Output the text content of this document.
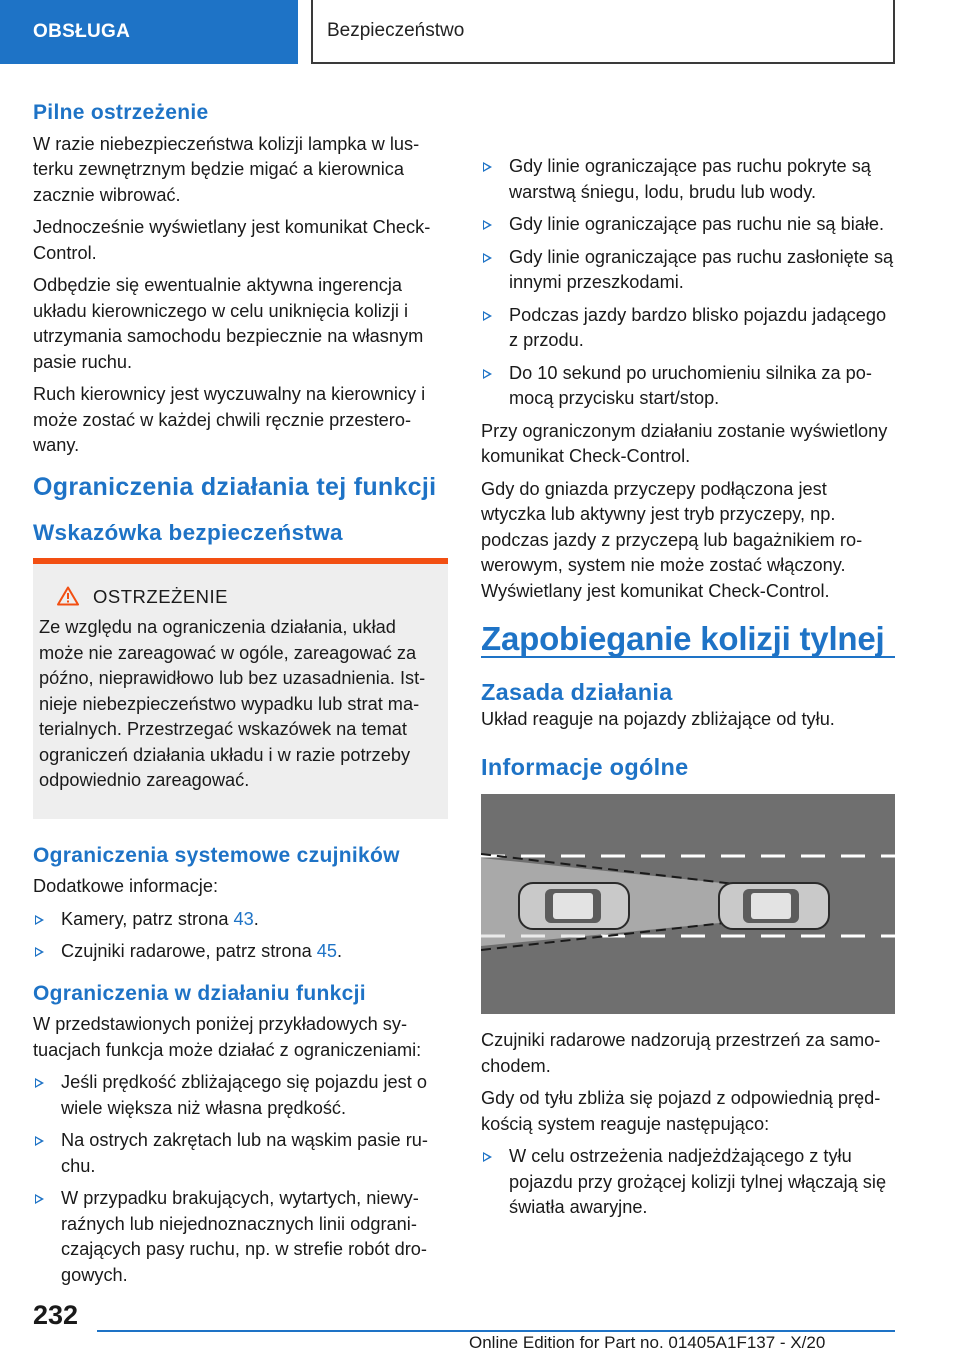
OBSŁUGA	Bezpieczeństwo
Pilne ostrzeżenie

W razie niebezpieczeństwa kolizji lampka w lusterku zewnętrznym będzie migać a kierownica zacznie wibrować.

Jednocześnie wyświetlany jest komunikat Check-Control.

Odbędzie się ewentualnie aktywna ingerencja układu kierowniczego w celu uniknięcia kolizji i utrzymania samochodu bezpiecznie na własnym pasie ruchu.

Ruch kierownicy jest wyczuwalny na kierownicy i może zostać w każdej chwili ręcznie przesterowany.

Ograniczenia działania tej funkcji
Wskazówka bezpieczeństwa
OSTRZEŻENIE

Ze względu na ograniczenia działania, układ może nie zareagować w ogóle, zareagować za późno, nieprawidłowo lub bez uzasadnienia. Istnieje niebezpieczeństwo wypadku lub strat materialnych. Przestrzegać wskazówek na temat ograniczeń działania układu i w razie potrzeby odpowiednio zareagować.

Ograniczenia systemowe czujników

Dodatkowe informacje:

Kamery, patrz strona 43.
Czujniki radarowe, patrz strona 45.
Ograniczenia w działaniu funkcji

W przedstawionych poniżej przykładowych sytuacjach funkcja może działać z ograniczeniami:

Jeśli prędkość zbliżającego się pojazdu jest o wiele większa niż własna prędkość.
Na ostrych zakrętach lub na wąskim pasie ruchu.
W przypadku brakujących, wytartych, niewyraźnych lub niejednoznacznych linii odgraniczających pasy ruchu, np. w strefie robót drogowych.
Gdy linie ograniczające pas ruchu pokryte są warstwą śniegu, lodu, brudu lub wody.
Gdy linie ograniczające pas ruchu nie są białe.
Gdy linie ograniczające pas ruchu zasłonięte są innymi przeszkodami.
Podczas jazdy bardzo blisko pojazdu jadącego z przodu.
Do 10 sekund po uruchomieniu silnika za pomocą przycisku start/stop.

Przy ograniczonym działaniu zostanie wyświetlony komunikat Check-Control.

Gdy do gniazda przyczepy podłączona jest wtyczka lub aktywny jest tryb przyczepy, np. podczas jazdy z przyczepą lub bagażnikiem rowerowym, system nie może zostać włączony. Wyświetlany jest komunikat Check-Control.

Zapobieganie kolizji tylnej
Zasada działania

Układ reaguje na pojazdy zbliżające od tyłu.

Informacje ogólne

Czujniki radarowe nadzorują przestrzeń za samochodem.

Gdy od tyłu zbliża się pojazd z odpowiednią prędkością system reaguje następująco:

W celu ostrzeżenia nadjeżdżającego z tyłu pojazdu przy grożącej kolizji tylnej włączają się światła awaryjne.
232
Online Edition for Part no. 01405A1F137 - X/20
